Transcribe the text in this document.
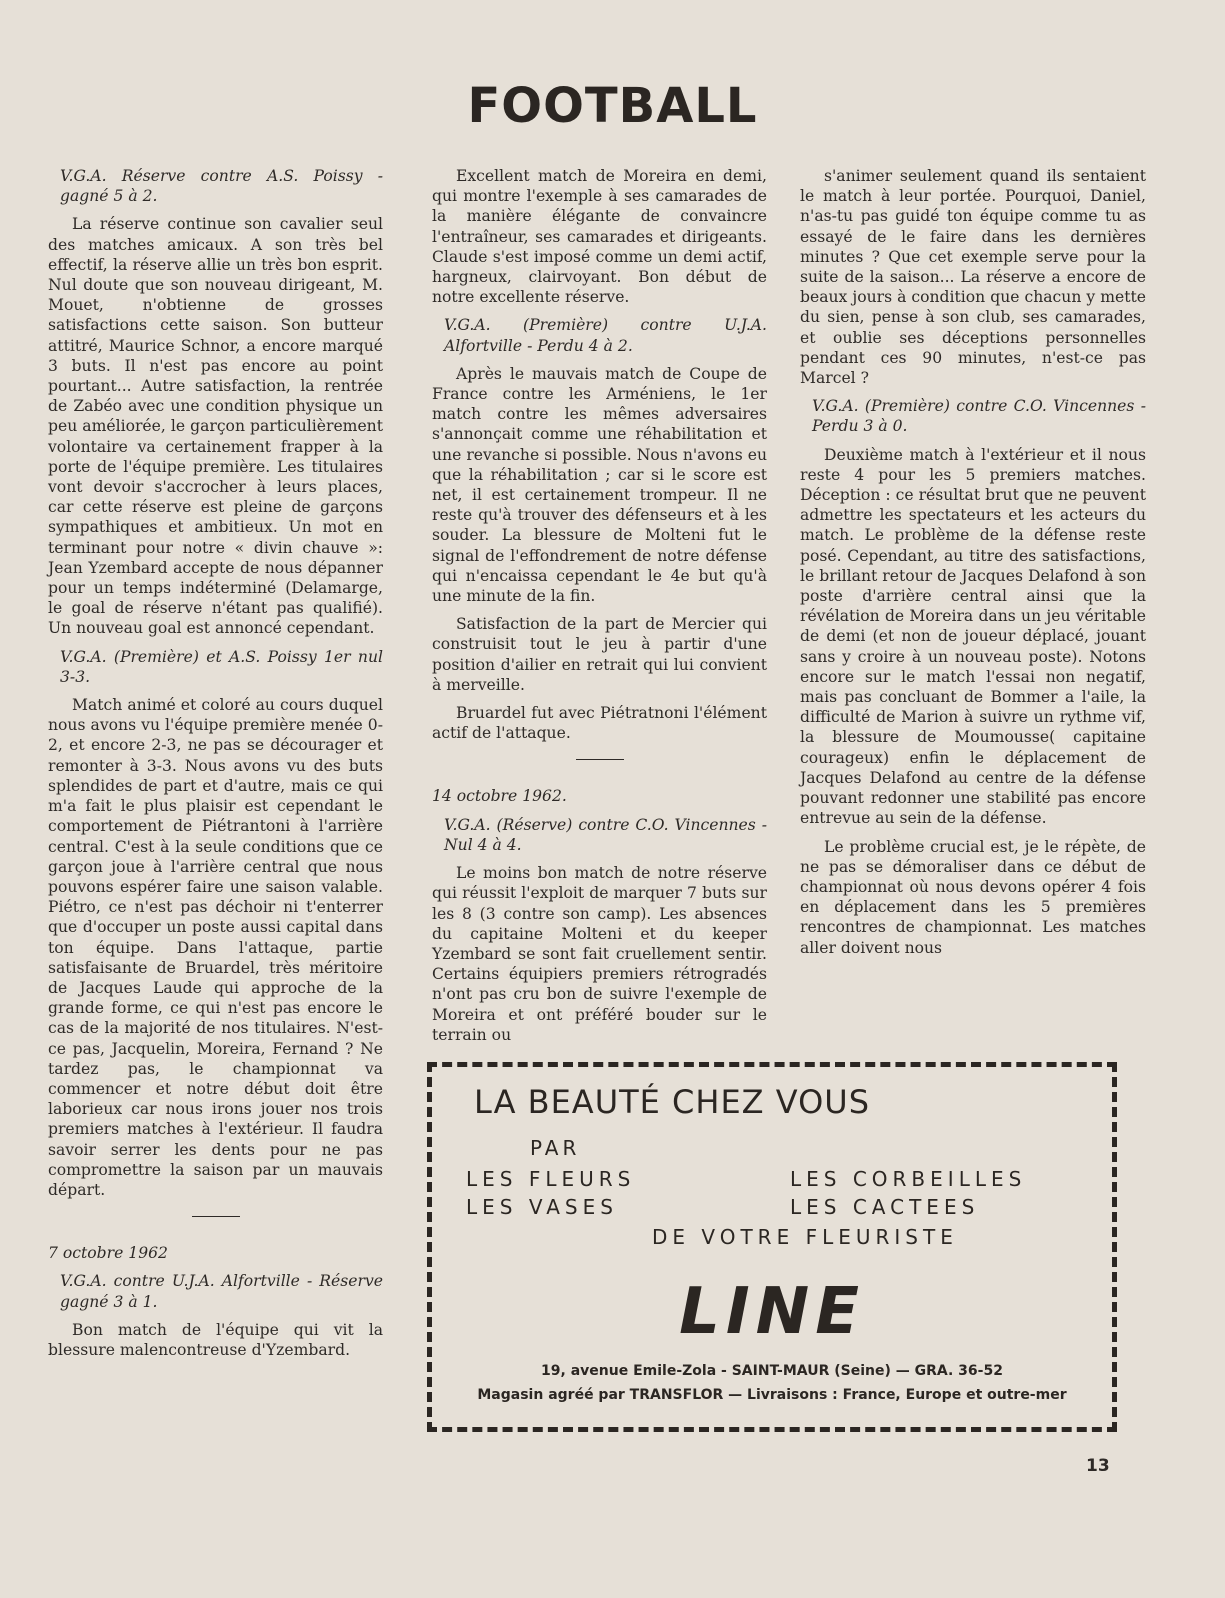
FOOTBALL
V.G.A. Réserve contre A.S. Poissy - gagné 5 à 2.

La réserve continue son cavalier seul des matches amicaux. A son très bel effectif, la réserve allie un très bon esprit. Nul doute que son nouveau dirigeant, M. Mouet, n'obtienne de grosses satisfactions cette saison. Son butteur attitré, Maurice Schnor, a encore marqué 3 buts. Il n'est pas encore au point pourtant... Autre satisfaction, la rentrée de Zabéo avec une condition physique un peu améliorée, le garçon particulièrement volontaire va certainement frapper à la porte de l'équipe première. Les titulaires vont devoir s'accrocher à leurs places, car cette réserve est pleine de garçons sympathiques et ambitieux. Un mot en terminant pour notre « divin chauve »: Jean Yzembard accepte de nous dépanner pour un temps indéterminé (Delamarge, le goal de réserve n'étant pas qualifié). Un nouveau goal est annoncé cependant.

V.G.A. (Première) et A.S. Poissy 1er nul 3-3.

Match animé et coloré au cours duquel nous avons vu l'équipe première menée 0-2, et encore 2-3, ne pas se décourager et remonter à 3-3. Nous avons vu des buts splendides de part et d'autre, mais ce qui m'a fait le plus plaisir est cependant le comportement de Piétrantoni à l'arrière central. C'est à la seule conditions que ce garçon joue à l'arrière central que nous pouvons espérer faire une saison valable. Piétro, ce n'est pas déchoir ni t'enterrer que d'occuper un poste aussi capital dans ton équipe. Dans l'attaque, partie satisfaisante de Bruardel, très méritoire de Jacques Laude qui approche de la grande forme, ce qui n'est pas encore le cas de la majorité de nos titulaires. N'est-ce pas, Jacquelin, Moreira, Fernand ? Ne tardez pas, le championnat va commencer et notre début doit être laborieux car nous irons jouer nos trois premiers matches à l'extérieur. Il faudra savoir serrer les dents pour ne pas compromettre la saison par un mauvais départ.

7 octobre 1962
V.G.A. contre U.J.A. Alfortville - Réserve gagné 3 à 1.

Bon match de l'équipe qui vit la blessure malencontreuse d'Yzembard.

Excellent match de Moreira en demi, qui montre l'exemple à ses camarades de la manière élégante de convaincre l'entraîneur, ses camarades et dirigeants. Claude s'est imposé comme un demi actif, hargneux, clairvoyant. Bon début de notre excellente réserve.

V.G.A. (Première) contre U.J.A. Alfortville - Perdu 4 à 2.

Après le mauvais match de Coupe de France contre les Arméniens, le 1er match contre les mêmes adversaires s'annonçait comme une réhabilitation et une revanche si possible. Nous n'avons eu que la réhabilitation ; car si le score est net, il est certainement trompeur. Il ne reste qu'à trouver des défenseurs et à les souder. La blessure de Molteni fut le signal de l'effondrement de notre défense qui n'encaissa cependant le 4e but qu'à une minute de la fin.

Satisfaction de la part de Mercier qui construisit tout le jeu à partir d'une position d'ailier en retrait qui lui convient à merveille.

Bruardel fut avec Piétratnoni l'élément actif de l'attaque.

14 octobre 1962.
V.G.A. (Réserve) contre C.O. Vincennes - Nul 4 à 4.

Le moins bon match de notre réserve qui réussit l'exploit de marquer 7 buts sur les 8 (3 contre son camp). Les absences du capitaine Molteni et du keeper Yzembard se sont fait cruellement sentir. Certains équipiers premiers rétrogradés n'ont pas cru bon de suivre l'exemple de Moreira et ont préféré bouder sur le terrain ou

s'animer seulement quand ils sentaient le match à leur portée. Pourquoi, Daniel, n'as-tu pas guidé ton équipe comme tu as essayé de le faire dans les dernières minutes ? Que cet exemple serve pour la suite de la saison... La réserve a encore de beaux jours à condition que chacun y mette du sien, pense à son club, ses camarades, et oublie ses déceptions personnelles pendant ces 90 minutes, n'est-ce pas Marcel ?

V.G.A. (Première) contre C.O. Vincennes - Perdu 3 à 0.

Deuxième match à l'extérieur et il nous reste 4 pour les 5 premiers matches. Déception : ce résultat brut que ne peuvent admettre les spectateurs et les acteurs du match. Le problème de la défense reste posé. Cependant, au titre des satisfactions, le brillant retour de Jacques Delafond à son poste d'arrière central ainsi que la révélation de Moreira dans un jeu véritable de demi (et non de joueur déplacé, jouant sans y croire à un nouveau poste). Notons encore sur le match l'essai non negatif, mais pas concluant de Bommer a l'aile, la difficulté de Marion à suivre un rythme vif, la blessure de Moumousse( capitaine courageux) enfin le déplacement de Jacques Delafond au centre de la défense pouvant redonner une stabilité pas encore entrevue au sein de la défense.

Le problème crucial est, je le répète, de ne pas se démoraliser dans ce début de championnat où nous devons opérer 4 fois en déplacement dans les 5 premières rencontres de championnat. Les matches aller doivent nous

LA BEAUTÉ CHEZ VOUS
PAR
LES FLEURS	LES CORBEILLES
LES VASES	LES CACTEES
DE VOTRE FLEURISTE
LINE
19, avenue Emile-Zola - SAINT-MAUR (Seine) — GRA. 36-52
Magasin agréé par TRANSFLOR — Livraisons : France, Europe et outre-mer
13
